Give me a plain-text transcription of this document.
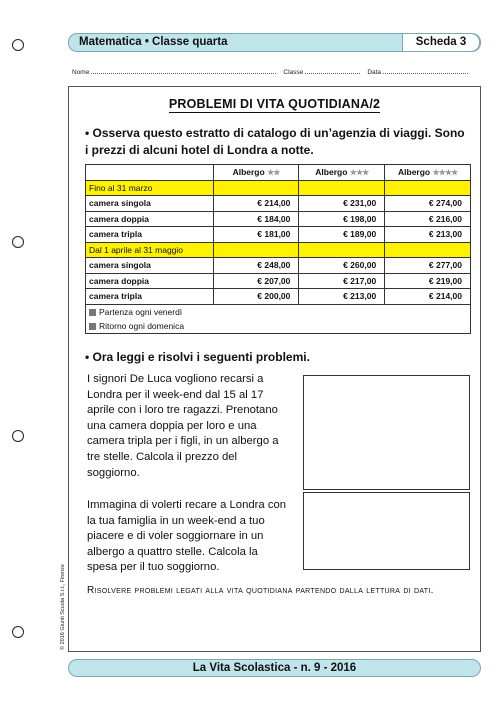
Matematica • Classe quarta	Scheda 3
Nome	Classe	Data
PROBLEMI DI VITA QUOTIDIANA/2
• Osserva questo estratto di catalogo di un’agenzia di viaggi. Sono i prezzi di alcuni hotel di Londra a notte.
	Albergo ★★	Albergo ★★★	Albergo ★★★★
Fino al 31 marzo			
camera singola	€ 214,00	€ 231,00	€ 274,00
camera doppia	€ 184,00	€ 198,00	€ 216,00
camera tripla	€ 181,00	€ 189,00	€ 213,00
Dal 1 aprile al 31 maggio			
camera singola	€ 248,00	€ 260,00	€ 277,00
camera doppia	€ 207,00	€ 217,00	€ 219,00
camera tripla	€ 200,00	€ 213,00	€ 214,00
Partenza ogni venerdì			
Ritorno ogni domenica			
• Ora leggi e risolvi i seguenti problemi.
I signori De Luca vogliono recarsi a Londra per il week-end dal 15 al 17 aprile con i loro tre ragazzi. Prenotano una camera doppia per loro e una camera tripla per i figli, in un albergo a tre stelle. Calcola il prezzo del soggiorno.
Immagina di volerti recare a Londra con la tua famiglia in un week-end a tuo piacere e di voler soggiornare in un albergo a quattro stelle. Calcola la spesa per il tuo soggiorno.
Risolvere problemi legati alla vita quotidiana partendo dalla lettura di dati.
© 2016 Giunti Scuola S.r.l., Firenze
La Vita Scolastica - n. 9 - 2016
